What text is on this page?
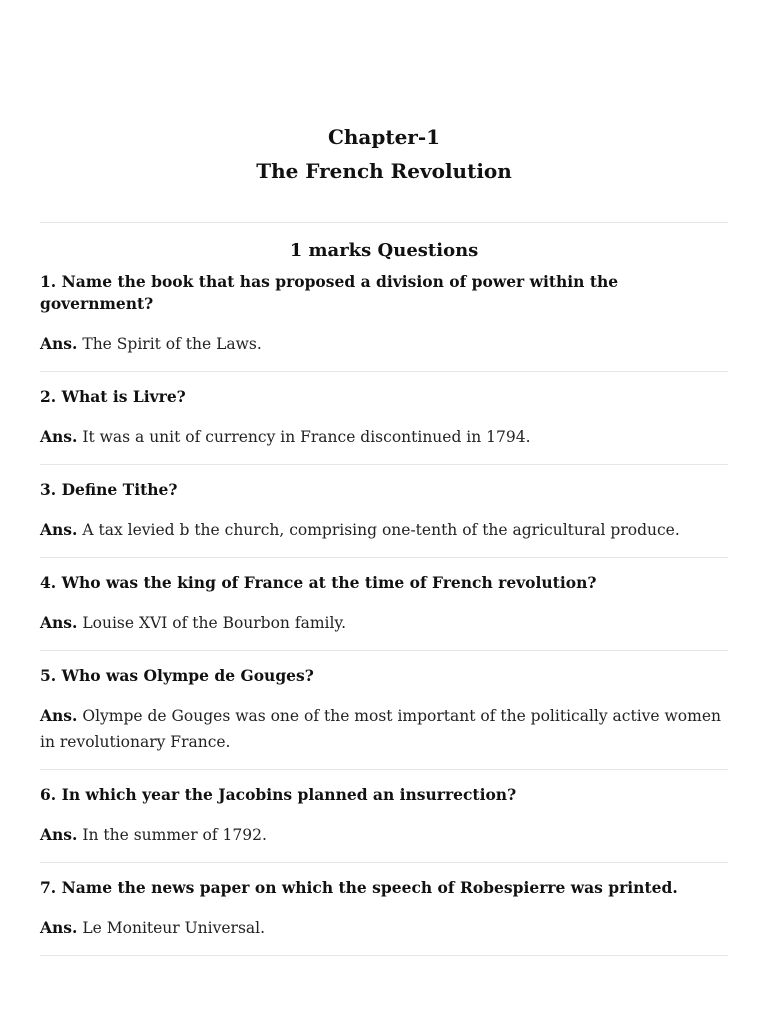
Chapter-1
The French Revolution
1 marks Questions

1. Name the book that has proposed a division of power within the government?

Ans. The Spirit of the Laws.

2. What is Livre?

Ans. It was a unit of currency in France discontinued in 1794.

3. Define Tithe?

Ans. A tax levied b the church, comprising one-tenth of the agricultural produce.

4. Who was the king of France at the time of French revolution?

Ans. Louise XVI of the Bourbon family.

5. Who was Olympe de Gouges?

Ans. Olympe de Gouges was one of the most important of the politically active women in revolutionary France.

6. In which year the Jacobins planned an insurrection?

Ans. In the summer of 1792.

7. Name the news paper on which the speech of Robespierre was printed.

Ans. Le Moniteur Universal.
